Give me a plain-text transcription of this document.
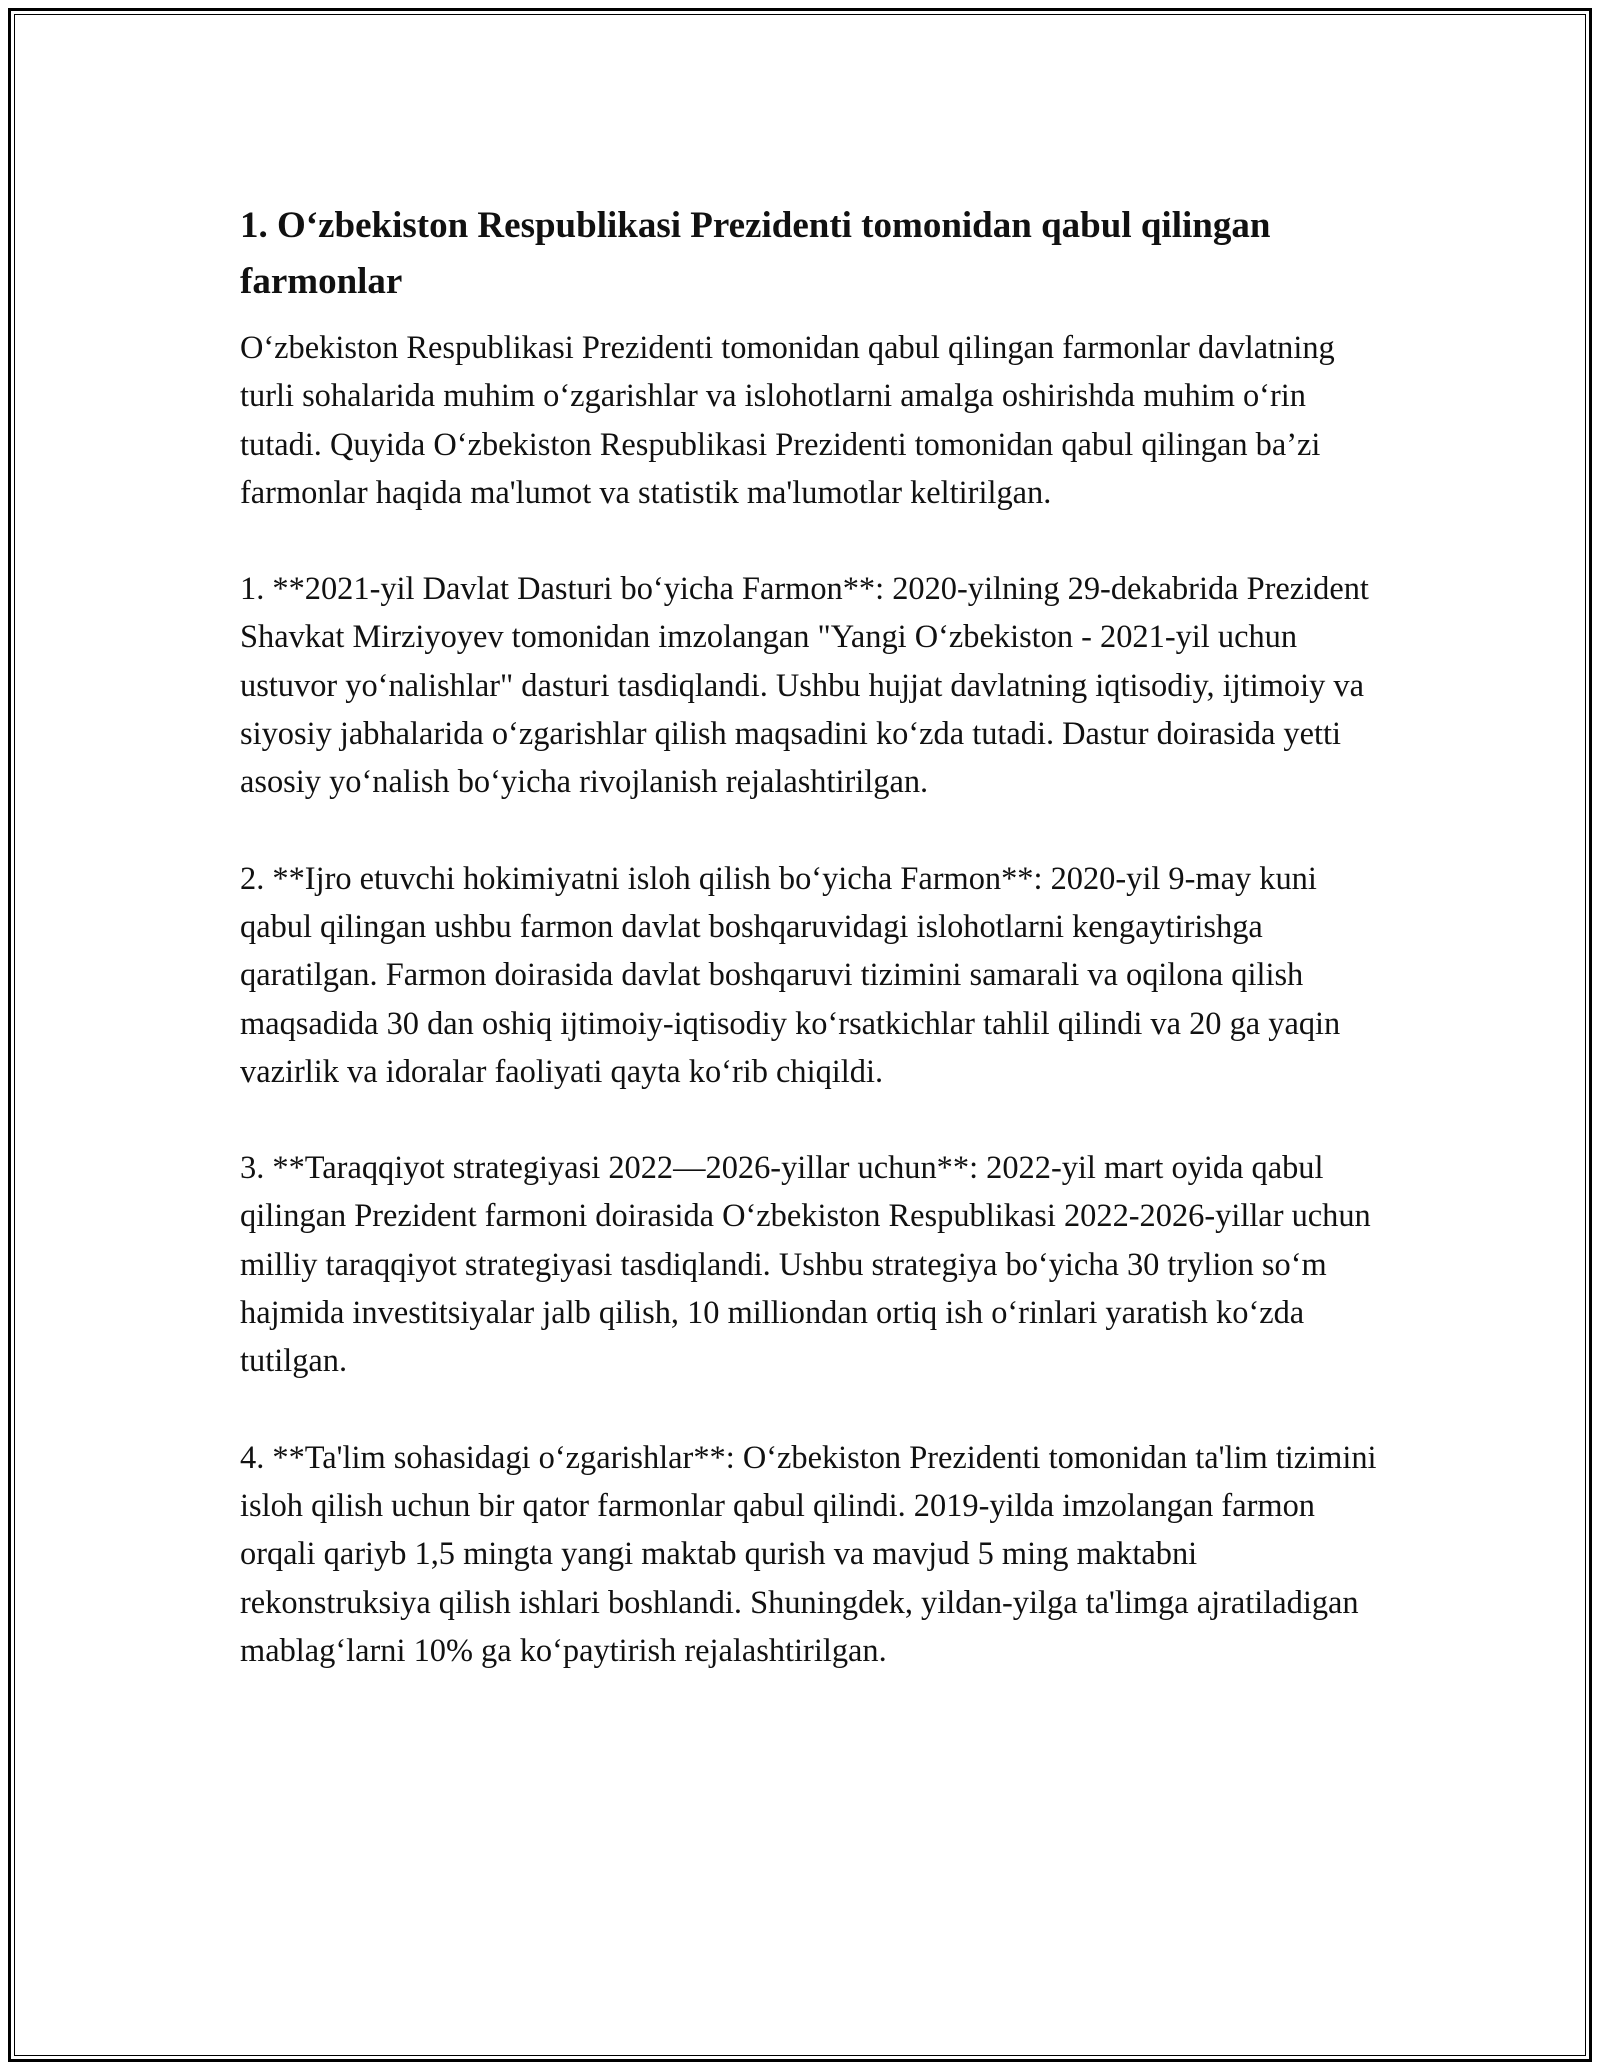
1. O‘zbekiston Respublikasi Prezidenti tomonidan qabul qilingan farmonlar

O‘zbekiston Respublikasi Prezidenti tomonidan qabul qilingan farmonlar davlatning turli sohalarida muhim o‘zgarishlar va islohotlarni amalga oshirishda muhim o‘rin tutadi. Quyida O‘zbekiston Respublikasi Prezidenti tomonidan qabul qilingan ba’zi farmonlar haqida ma'lumot va statistik ma'lumotlar keltirilgan.

1. **2021-yil Davlat Dasturi bo‘yicha Farmon**: 2020-yilning 29-dekabrida Prezident Shavkat Mirziyoyev tomonidan imzolangan "Yangi O‘zbekiston - 2021-yil uchun ustuvor yo‘nalishlar" dasturi tasdiqlandi. Ushbu hujjat davlatning iqtisodiy, ijtimoiy va siyosiy jabhalarida o‘zgarishlar qilish maqsadini ko‘zda tutadi. Dastur doirasida yetti asosiy yo‘nalish bo‘yicha rivojlanish rejalashtirilgan.

2. **Ijro etuvchi hokimiyatni isloh qilish bo‘yicha Farmon**: 2020-yil 9-may kuni qabul qilingan ushbu farmon davlat boshqaruvidagi islohotlarni kengaytirishga qaratilgan. Farmon doirasida davlat boshqaruvi tizimini samarali va oqilona qilish maqsadida 30 dan oshiq ijtimoiy-iqtisodiy ko‘rsatkichlar tahlil qilindi va 20 ga yaqin vazirlik va idoralar faoliyati qayta ko‘rib chiqildi.

3. **Taraqqiyot strategiyasi 2022—2026-yillar uchun**: 2022-yil mart oyida qabul qilingan Prezident farmoni doirasida O‘zbekiston Respublikasi 2022-2026-yillar uchun milliy taraqqiyot strategiyasi tasdiqlandi. Ushbu strategiya bo‘yicha 30 trylion so‘m hajmida investitsiyalar jalb qilish, 10 milliondan ortiq ish o‘rinlari yaratish ko‘zda tutilgan.

4. **Ta'lim sohasidagi o‘zgarishlar**: O‘zbekiston Prezidenti tomonidan ta'lim tizimini isloh qilish uchun bir qator farmonlar qabul qilindi. 2019-yilda imzolangan farmon orqali qariyb 1,5 mingta yangi maktab qurish va mavjud 5 ming maktabni rekonstruksiya qilish ishlari boshlandi. Shuningdek, yildan-yilga ta'limga ajratiladigan mablag‘larni 10% ga ko‘paytirish rejalashtirilgan.
